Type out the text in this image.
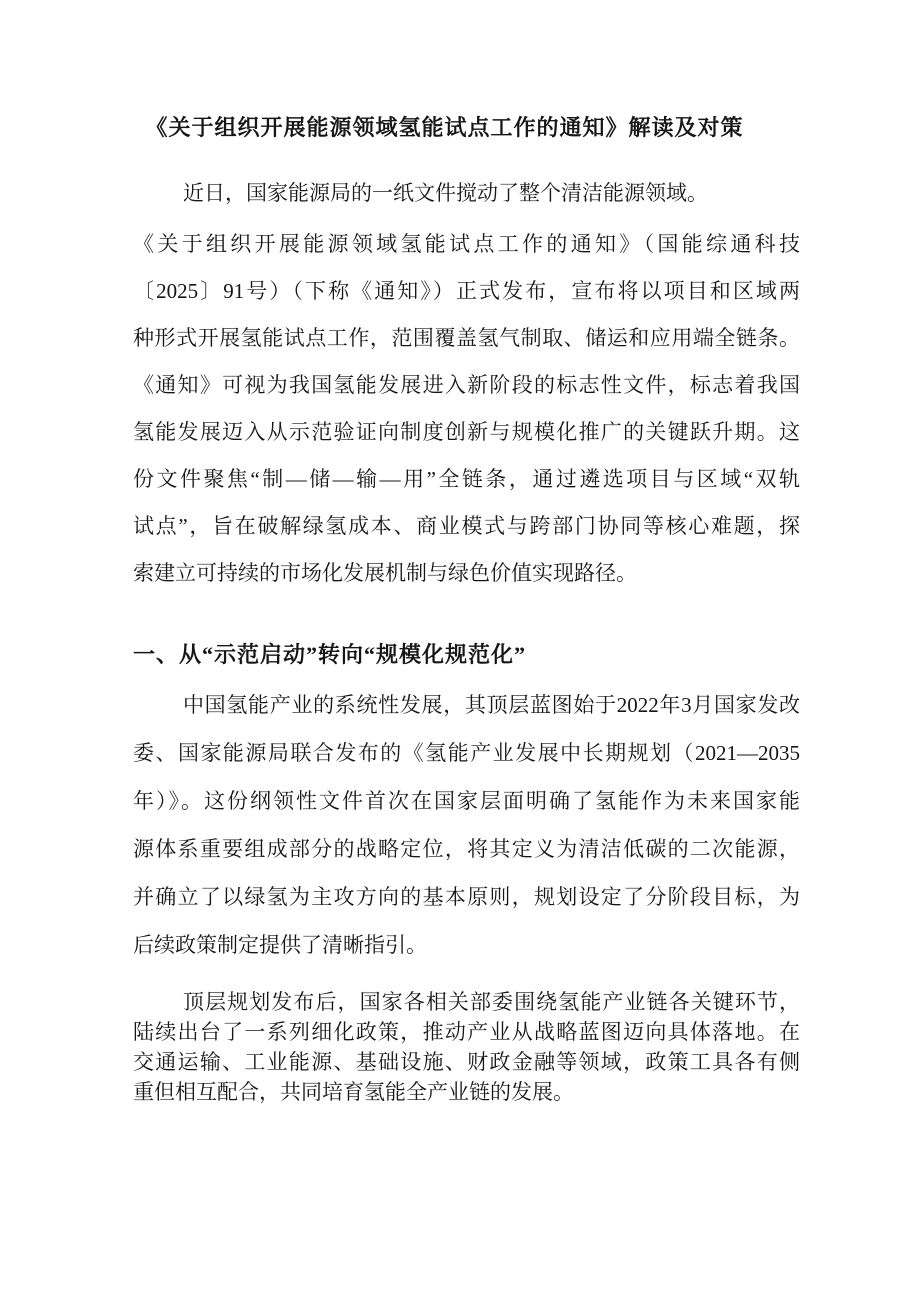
《关于组织开展能源领域氢能试点工作的通知》解读及对策
近日，国家能源局的一纸文件搅动了整个清洁能源领域。
《关于组织开展能源领域氢能试点工作的通知》（国能综通科技
〔2025〕91号）（下称《通知》）正式发布，宣布将以项目和区域两
种形式开展氢能试点工作，范围覆盖氢气制取、储运和应用端全链条。
《通知》可视为我国氢能发展进入新阶段的标志性文件，标志着我国
氢能发展迈入从示范验证向制度创新与规模化推广的关键跃升期。这
份文件聚焦“制—储—输—用”全链条，通过遴选项目与区域“双轨
试点”，旨在破解绿氢成本、商业模式与跨部门协同等核心难题，探
索建立可持续的市场化发展机制与绿色价值实现路径。
一、从“示范启动”转向“规模化规范化”
中国氢能产业的系统性发展，其顶层蓝图始于2022年3月国家发改
委、国家能源局联合发布的《氢能产业发展中长期规划（2021—2035
年）》。这份纲领性文件首次在国家层面明确了氢能作为未来国家能
源体系重要组成部分的战略定位，将其定义为清洁低碳的二次能源，
并确立了以绿氢为主攻方向的基本原则，规划设定了分阶段目标，为
后续政策制定提供了清晰指引。
顶层规划发布后，国家各相关部委围绕氢能产业链各关键环节，
陆续出台了一系列细化政策，推动产业从战略蓝图迈向具体落地。在
交通运输、工业能源、基础设施、财政金融等领域，政策工具各有侧
重但相互配合，共同培育氢能全产业链的发展。
